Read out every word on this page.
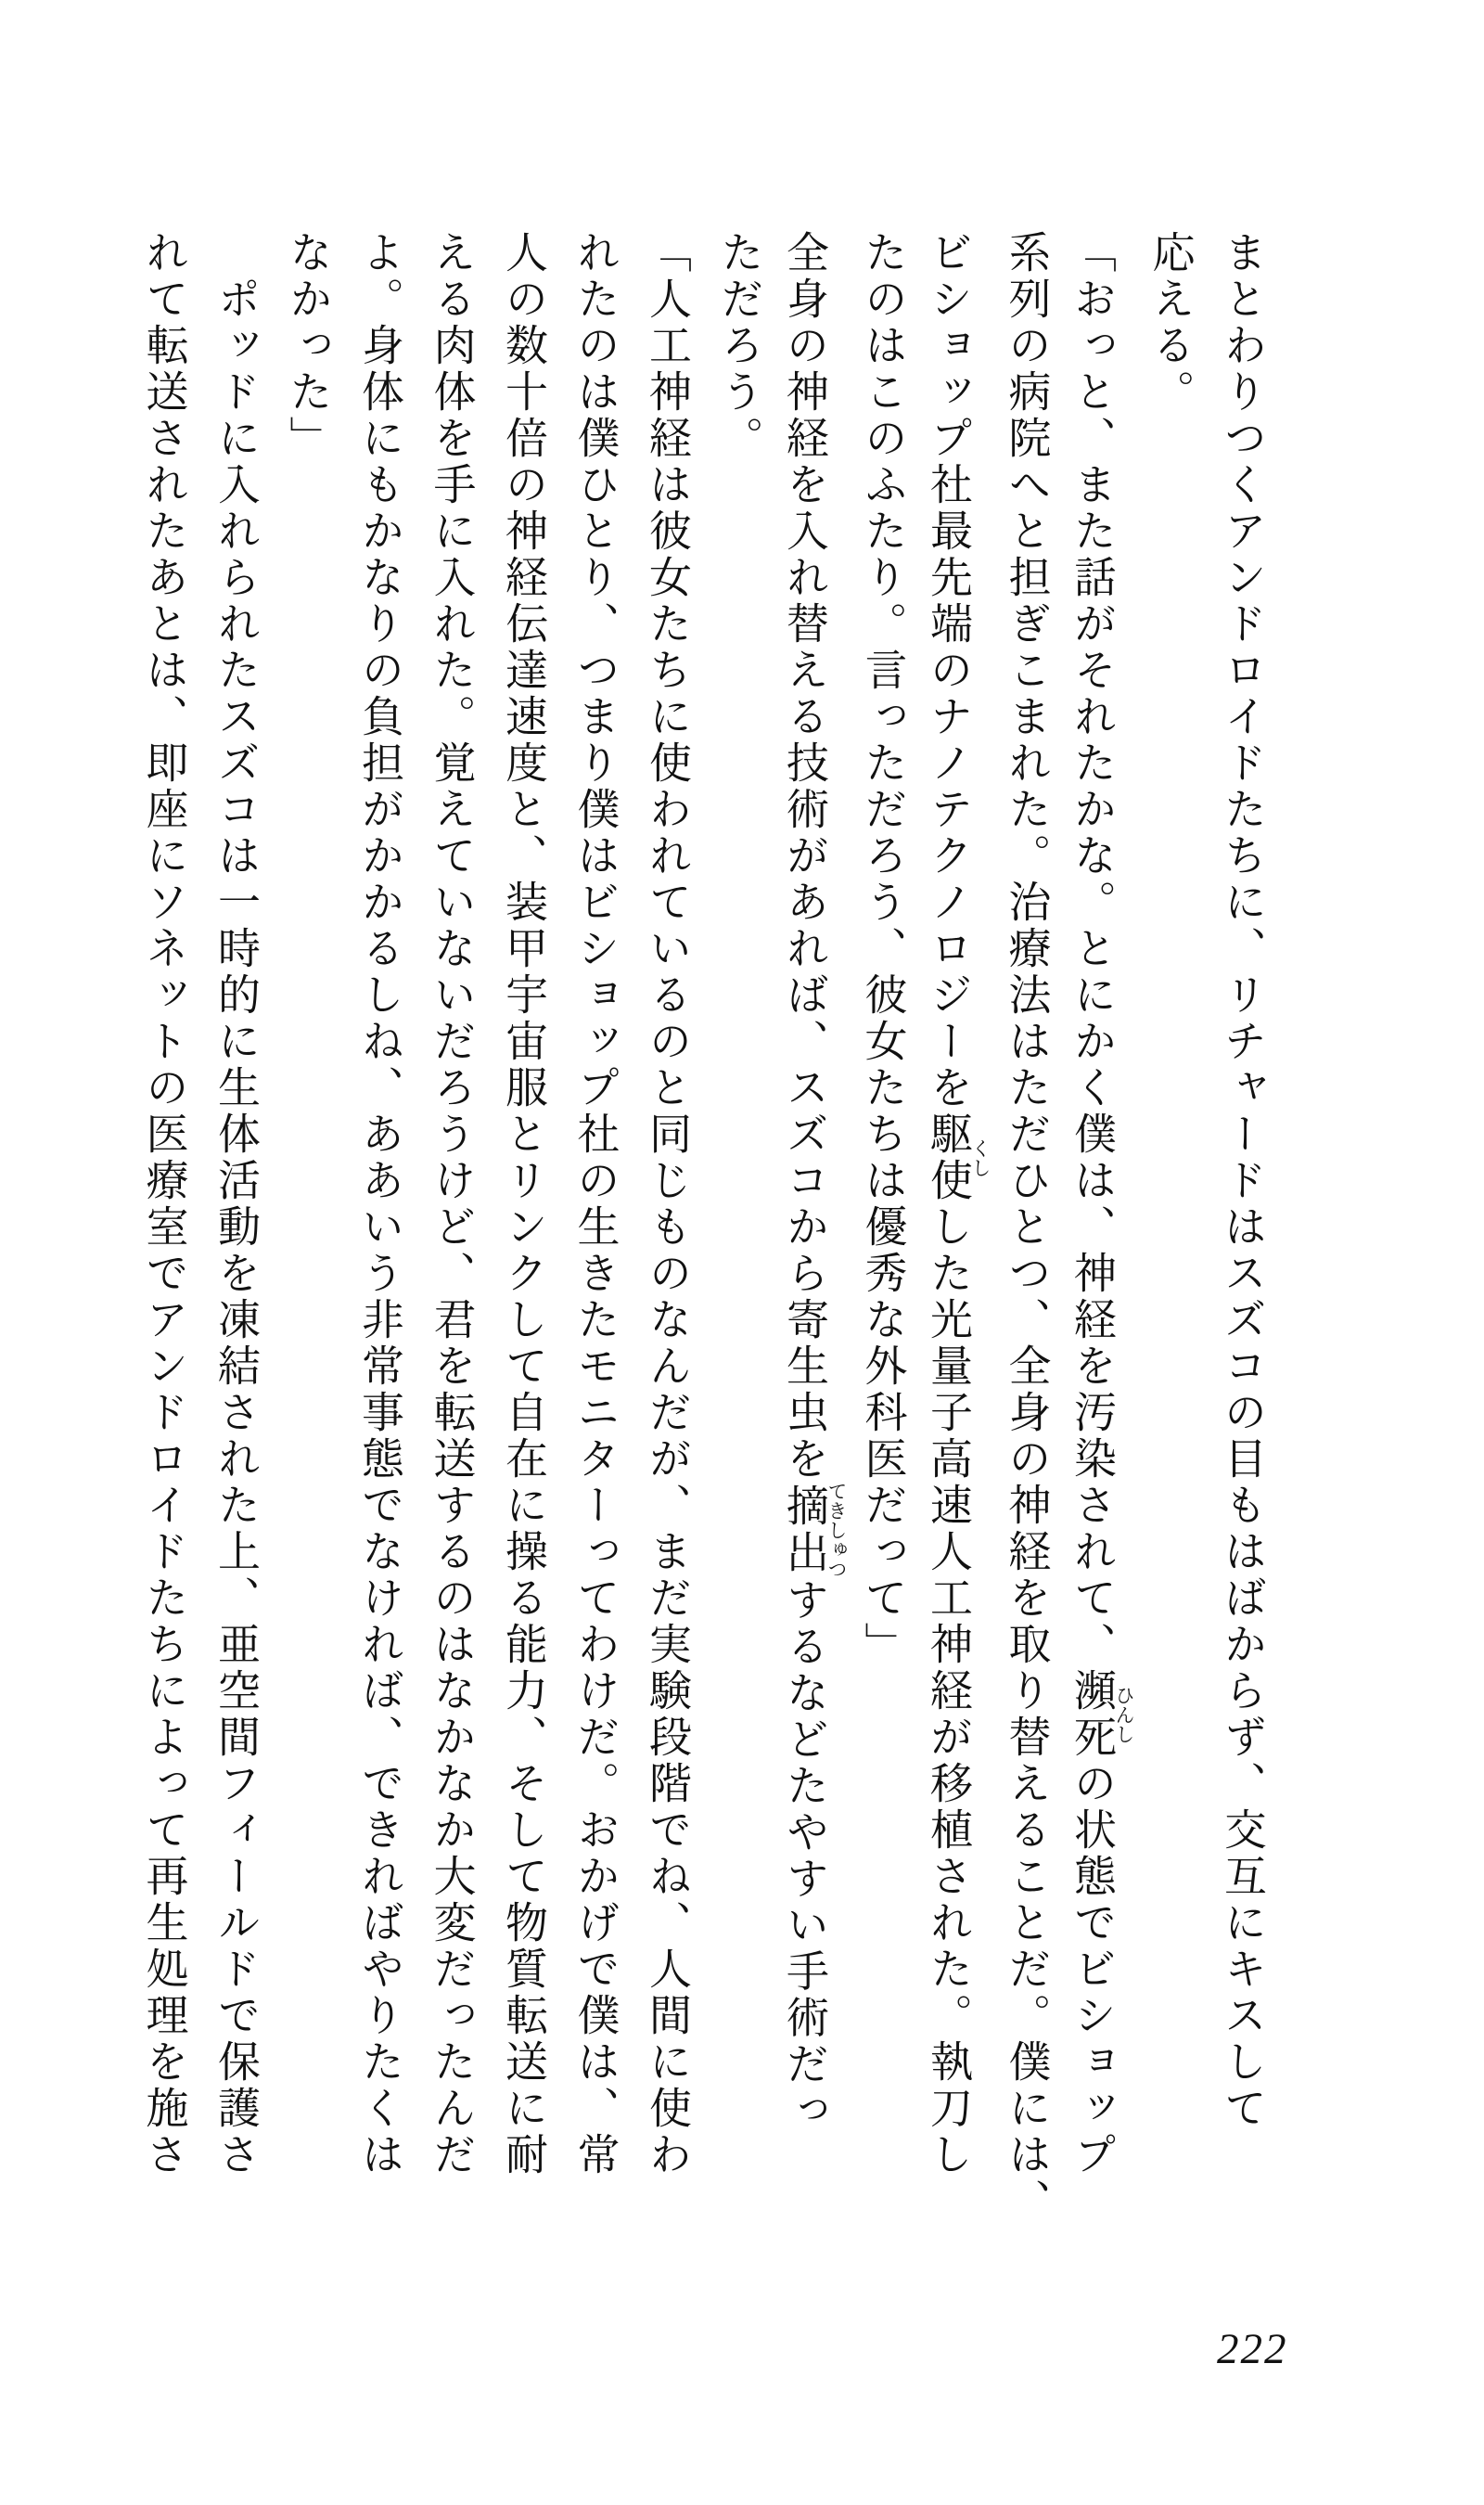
まとわりつくアンドロイドたちに、リチャードはスズコの目もはばからず、交互にキスして
応える。
「おっと、また話がそれたかな。とにかく僕は、神経を汚染されて、瀕死ひんしの状態でビショップ
系列の病院へと担ぎこまれた。治療法はただひとつ、全身の神経を取り替えることだ。僕には、
ビショップ社最先端のナノテクノロジーを駆使くしした光量子高速人工神経が移植された。執刀し
たのはこのふたり。言っただろう、彼女たちは優秀な外科医だって」
全身の神経を入れ替える技術があれば、スズコから寄生虫を摘出てきしゅつするなどたやすい手術だっ
ただろう。
「人工神経は彼女たちに使われているのと同じものなんだが、まだ実験段階でね、人間に使わ
れたのは僕ひとり、つまり僕はビショップ社の生きたモニターってわけだ。おかげで僕は、常
人の数十倍の神経伝達速度と、装甲宇宙服とリンクして自在に操る能力、そして物質転送に耐
える肉体を手に入れた。覚えていないだろうけど、君を転送するのはなかなか大変だったんだ
よ。身体にもかなりの負担がかかるしね、ああいう非常事態でなければ、できればやりたくは
なかった」
ポッドに入れられたスズコは一時的に生体活動を凍結された上、亜空間フィールドで保護さ
れて転送されたあとは、即座にソネットの医療室でアンドロイドたちによって再生処理を施さ
222
